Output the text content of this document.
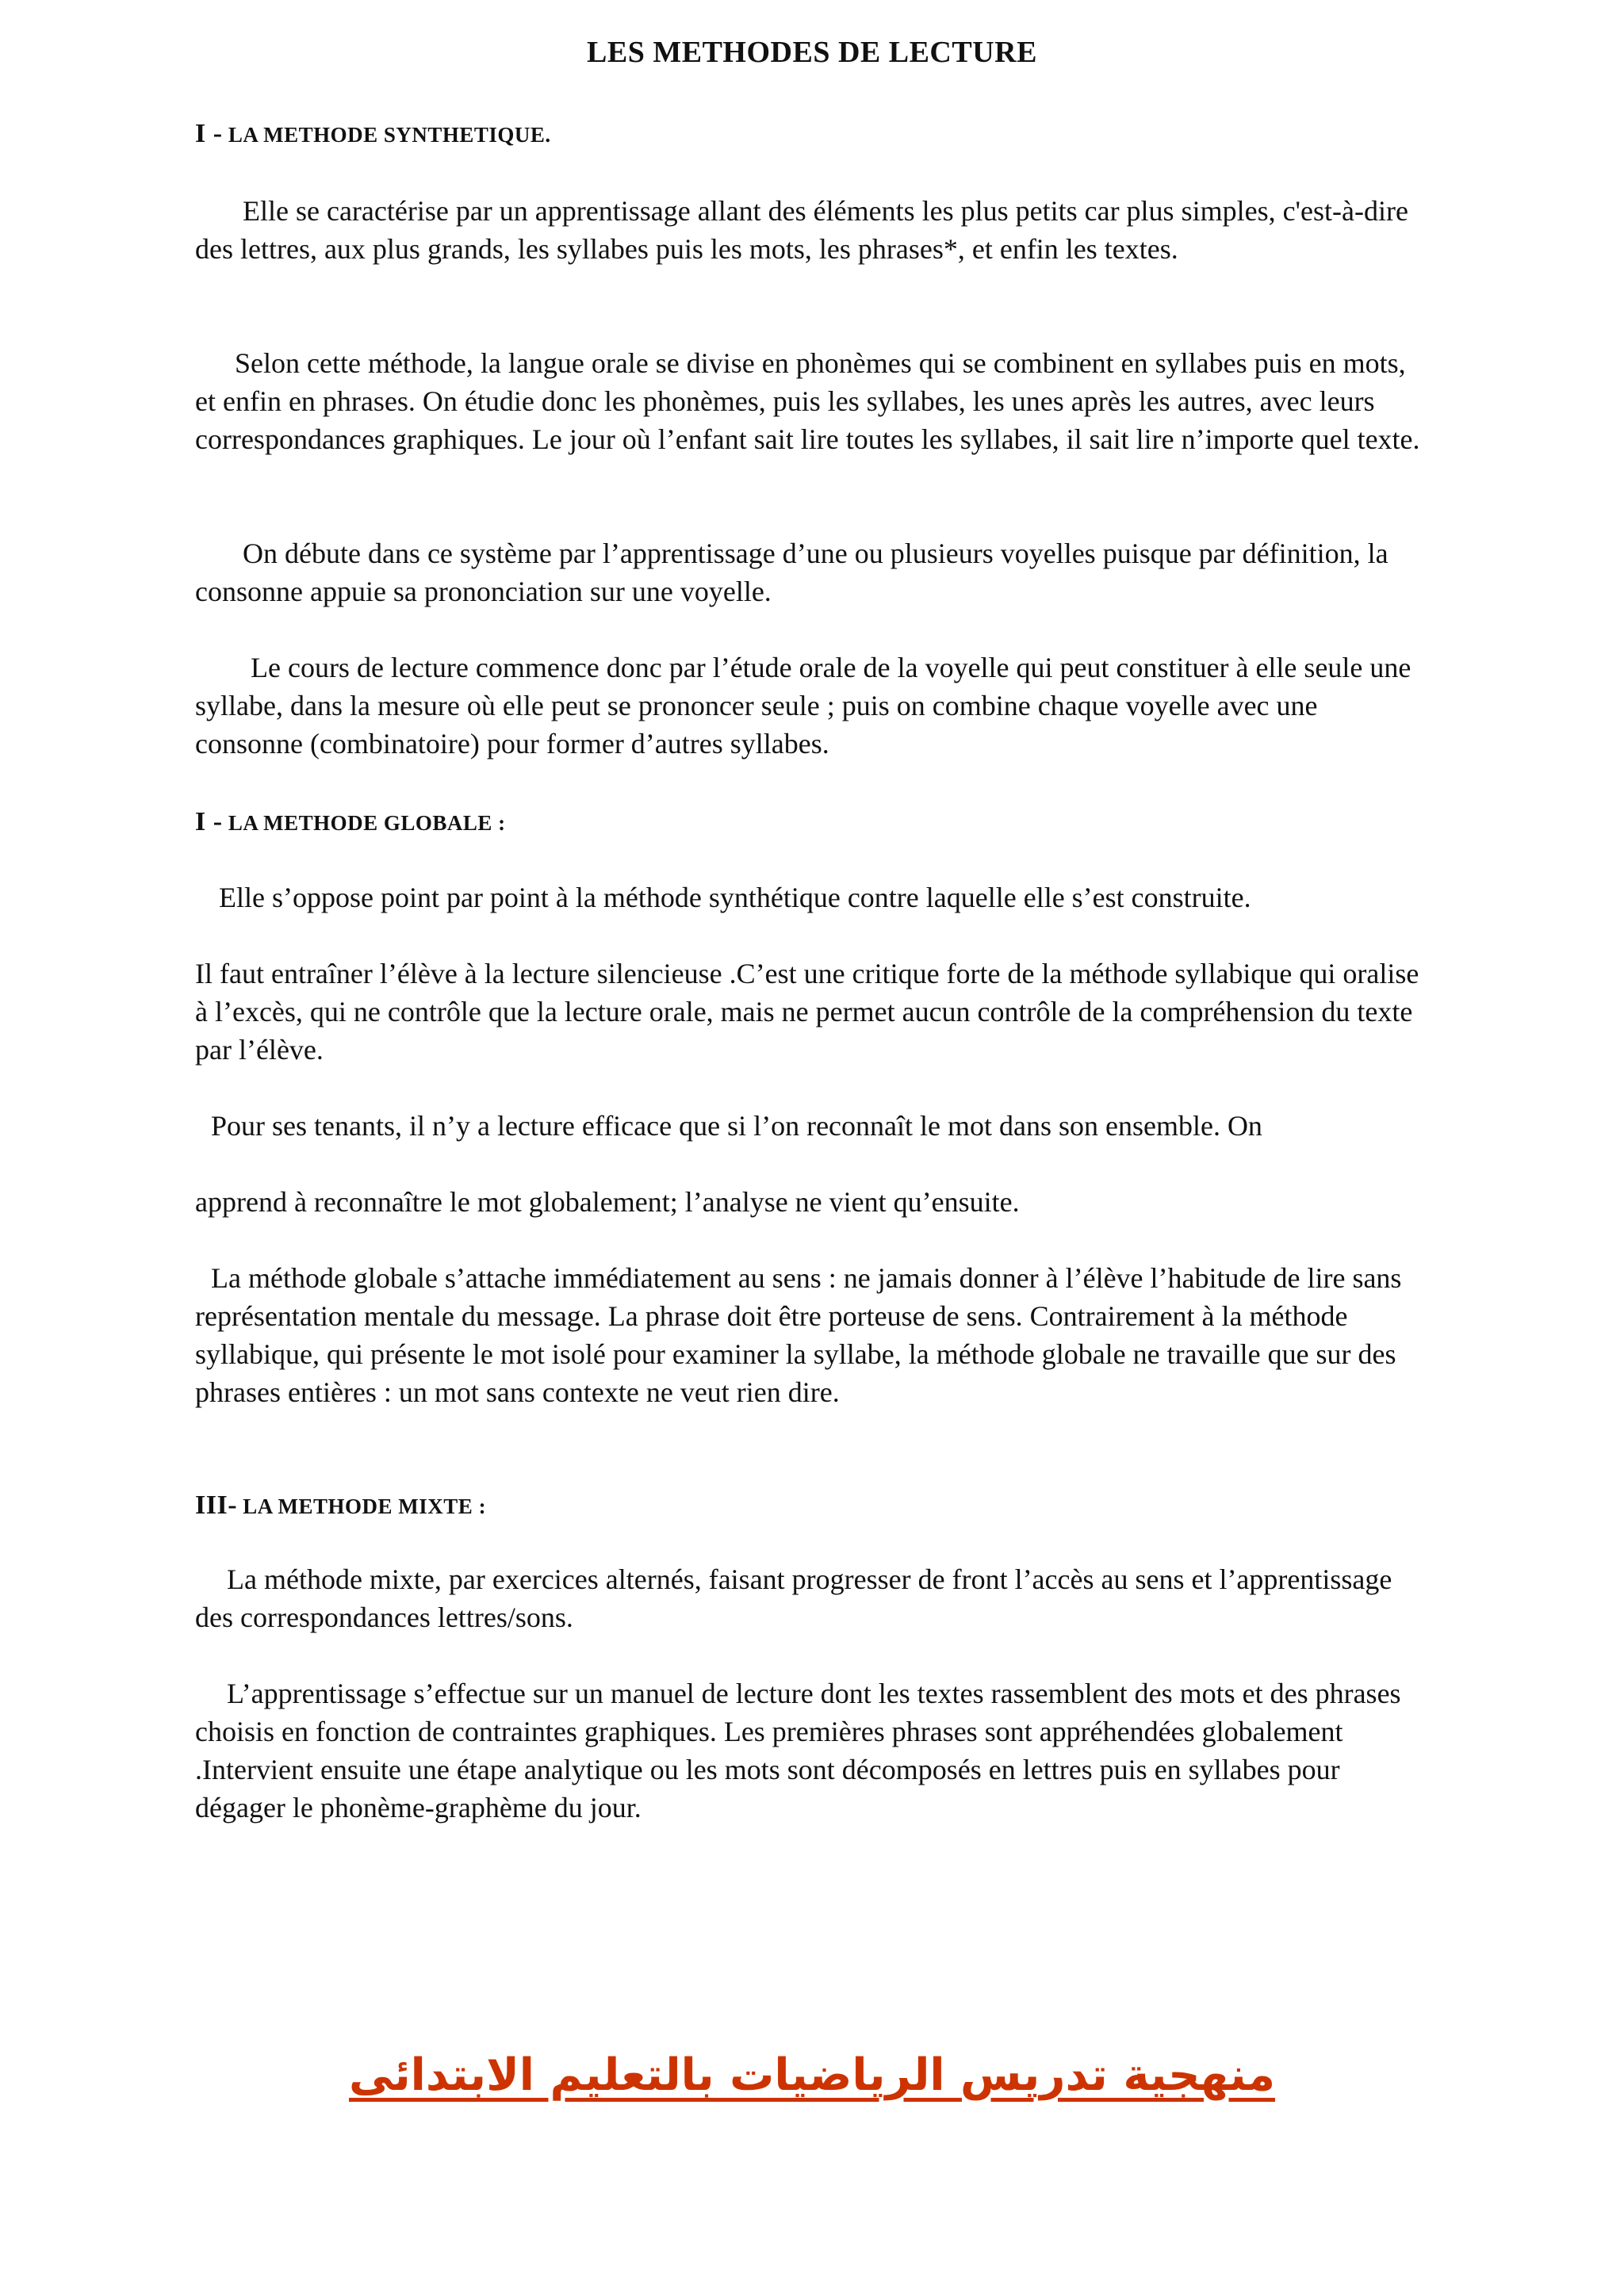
LES METHODES DE LECTURE
I - LA METHODE SYNTHETIQUE.

Elle se caractérise par un apprentissage allant des éléments les plus petits car plus simples, c'est-à-dire des lettres, aux plus grands, les syllabes puis les mots, les phrases*, et enfin les textes.

Selon cette méthode, la langue orale se divise en phonèmes qui se combinent en syllabes puis en mots, et enfin en phrases. On étudie donc les phonèmes, puis les syllabes, les unes après les autres, avec leurs correspondances graphiques. Le jour où l’enfant sait lire toutes les syllabes, il sait lire n’importe quel texte.

On débute dans ce système par l’apprentissage d’une ou plusieurs voyelles puisque par définition, la consonne appuie sa prononciation sur une voyelle.

Le cours de lecture commence donc par l’étude orale de la voyelle qui peut constituer à elle seule une syllabe, dans la mesure où elle peut se prononcer seule ; puis on combine chaque voyelle avec une consonne (combinatoire) pour former d’autres syllabes.

I - LA METHODE GLOBALE :

Elle s’oppose point par point à la méthode synthétique contre laquelle elle s’est construite.

Il faut entraîner l’élève à la lecture silencieuse .C’est une critique forte de la méthode syllabique qui oralise à l’excès, qui ne contrôle que la lecture orale, mais ne permet aucun contrôle de la compréhension du texte par l’élève.

Pour ses tenants, il n’y a lecture efficace que si l’on reconnaît le mot dans son ensemble. On

apprend à reconnaître le mot globalement; l’analyse ne vient qu’ensuite.

La méthode globale s’attache immédiatement au sens : ne jamais donner à l’élève l’habitude de lire sans représentation mentale du message. La phrase doit être porteuse de sens. Contrairement à la méthode syllabique, qui présente le mot isolé pour examiner la syllabe, la méthode globale ne travaille que sur des phrases entières : un mot sans contexte ne veut rien dire.

III- LA METHODE MIXTE :

La méthode mixte, par exercices alternés, faisant progresser de front l’accès au sens et l’apprentissage des correspondances lettres/sons.

L’apprentissage s’effectue sur un manuel de lecture dont les textes rassemblent des mots et des phrases choisis en fonction de contraintes graphiques. Les premières phrases sont appréhendées globalement .Intervient ensuite une étape analytique ou les mots sont décomposés en lettres puis en syllabes pour dégager le phonème-graphème du jour.

منهجية تدريس الرياضيات بالتعليم الابتدائى
